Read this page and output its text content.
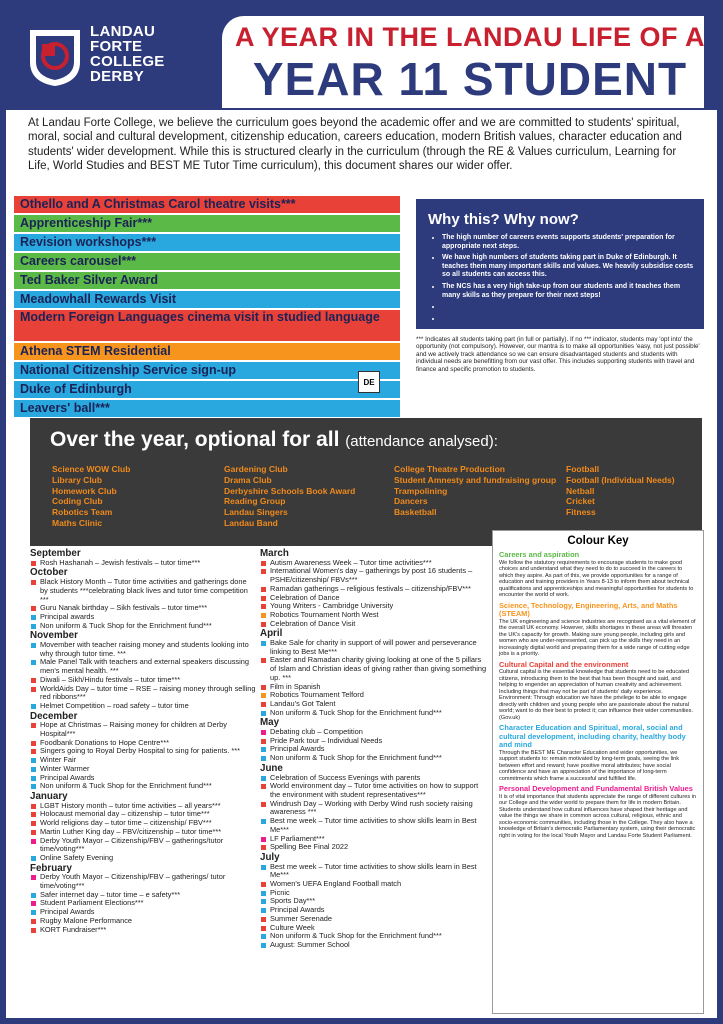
LANDAU
FORTE
COLLEGE
DERBY
A YEAR IN THE LANDAU LIFE OF A
YEAR 11 STUDENT
At Landau Forte College, we believe the curriculum goes beyond the academic offer and we are committed to students' spiritual, moral, social and cultural development, citizenship education, careers education, modern British values, character education and students' wider development. While this is structured clearly in the curriculum (through the RE & Values curriculum, Learning for Life, World Studies and BEST ME Tutor Time curriculum), this document shares our wider offer.
Othello and A Christmas Carol theatre visits***
Apprenticeship Fair***
Revision workshops***
Careers carousel***
Ted Baker Silver Award
Meadowhall Rewards Visit
Modern Foreign Languages cinema visit in studied language
Athena STEM Residential
National Citizenship Service sign-up
Duke of Edinburgh
Leavers' ball***
DE
Why this? Why now?
• The high number of careers events supports students' preparation for appropriate next steps.
• We have high numbers of students taking part in Duke of Edinburgh. It teaches them many important skills and values. We heavily subsidise costs so all students can access this.
• The NCS has a very high take-up from our students and it teaches them many skills as they prepare for their next steps!
•
•
*** Indicates all students taking part (in full or partially). If no *** indicator, students may 'opt into' the opportunity (not compulsory). However, our mantra is to make all opportunities 'easy, not just possible' and we actively track attendance so we can ensure disadvantaged students and students with individual needs are benefitting from our vast offer. This includes supporting students with travel and finance and specific promotion to students.
Over the year, optional for all (attendance analysed):
Science WOW Club
Library Club
Homework Club
Coding Club
Robotics Team
Maths Clinic
Gardening Club
Drama Club
Derbyshire Schools Book Award
Reading Group
Landau Singers
Landau Band
College Theatre Production
Student Amnesty and fundraising group
Trampolining
Dancers
Basketball
Football
Football (Individual Needs)
Netball
Cricket
Fitness
September
Rosh Hashanah – Jewish festivals – tutor time***
October
Black History Month – Tutor time activities and gatherings done by students ***celebrating black lives and tutor time competition ***
Guru Nanak birthday – Sikh festivals – tutor time***
Principal awards
Non uniform & Tuck Shop for the Enrichment fund***
November
Movember with teacher raising money and students looking into why through tutor time. ***
Male Panel Talk with teachers and external speakers discussing men's mental health. ***
Diwali – Sikh/Hindu festivals – tutor time***
WorldAids Day – tutor time – RSE – raising money through selling red ribbons***
Helmet Competition – road safety – tutor time
December
Hope at Christmas – Raising money for children at Derby Hospital***
Foodbank Donations to Hope Centre***
Singers going to Royal Derby Hospital to sing for patients. ***
Winter Fair
Winter Warmer
Principal Awards
Non uniform & Tuck Shop for the Enrichment fund***
January
LGBT History month – tutor time activities – all years***
Holocaust memorial day – citizenship – tutor time***
World religions day – tutor time – citizenship/ FBV***
Martin Luther King day – FBV/citizenship – tutor time***
Derby Youth Mayor – Citizenship/FBV – gatherings/tutor time/voting***
Online Safety Evening
February
Derby Youth Mayor – Citizenship/FBV – gatherings/ tutor time/voting***
Safer internet day – tutor time – e safety***
Student Parliament Elections***
Principal Awards
Rugby Malone Performance
KORT Fundraiser***
March
Autism Awareness Week – Tutor time activities***
International Women's day – gatherings by post 16 students – PSHE/citizenship/ FBVs***
Ramadan gatherings – religious festivals – citizenship/FBV***
Celebration of Dance
Young Writers - Cambridge University
Robotics Tournament North West
Celebration of Dance Visit
April
Bake Sale for charity in support of will power and perseverance linking to Best Me***
Easter and Ramadan charity giving looking at one of the 5 pillars of Islam and Christian ideas of giving rather than giving something up. ***
Film in Spanish
Robotics Tournament Telford
Landau's Got Talent
Non uniform & Tuck Shop for the Enrichment fund***
May
Debating club – Competition
Pride Park tour – Individual Needs
Principal Awards
Non uniform & Tuck Shop for the Enrichment fund***
June
Celebration of Success Evenings with parents
World environment day – Tutor time activities on how to support the environment with student representatives***
Windrush Day – Working with Derby Wind rush society raising awareness ***
Best me week – Tutor time activities to show skills learn in Best Me***
LF Parliament***
Spelling Bee Final 2022
July
Best me week – Tutor time activities to show skills learn in Best Me***
Women's UEFA England Football match
Picnic
Sports Day***
Principal Awards
Summer Serenade
Culture Week
Non uniform & Tuck Shop for the Enrichment fund***
August: Summer School
Colour Key
Careers and aspiration

We follow the statutory requirements to encourage students to make good choices and understand what they need to do to succeed in the careers to which they aspire. As part of this, we provide opportunities for a range of education and training providers in Years 8-13 to inform them about technical qualifications and apprenticeships and meaningful opportunities for students to encounter the world of work.

Science, Technology, Engineering, Arts, and Maths (STEAM)

The UK engineering and science industries are recognised as a vital element of the overall UK economy. However, skills shortages in these areas will threaten the UK's capacity for growth. Making sure young people, including girls and women who are under-represented, can pick up the skills they need in an increasingly digital world and preparing them for a wide range of cutting edge jobs is a priority.

Cultural Capital and the environment

Cultural capital is the essential knowledge that students need to be educated citizens, introducing them to the best that has been thought and said, and helping to engender an appreciation of human creativity and achievement. Including things that may not be part of students' daily experience. Environment: Through education we have the privilege to be able to engage directly with children and young people who are passionate about the natural world; want to do their best to protect it; can influence their wider communities. (Gov.uk)

Character Education and Spiritual, moral, social and cultural development, including charity, healthy body and mind

Through the BEST ME Character Education and wider opportunities, we support students to: remain motivated by long-term goals, seeing the link between effort and reward; have positive moral attributes; have social confidence and have an appreciation of the importance of long-term commitments which frame a successful and fulfilled life.

Personal Development and Fundamental British Values

It is of vital importance that students appreciate the range of different cultures in our College and the wider world to prepare them for life in modern Britain. Students understand how cultural influences have shaped their heritage and value the things we share in common across cultural, religious, ethnic and socio-economic communities, including those in the College. They also have a knowledge of Britain's democratic Parliamentary system, using their democratic right in voting for the local Youth Mayor and Landau Forte Student Parliament.
